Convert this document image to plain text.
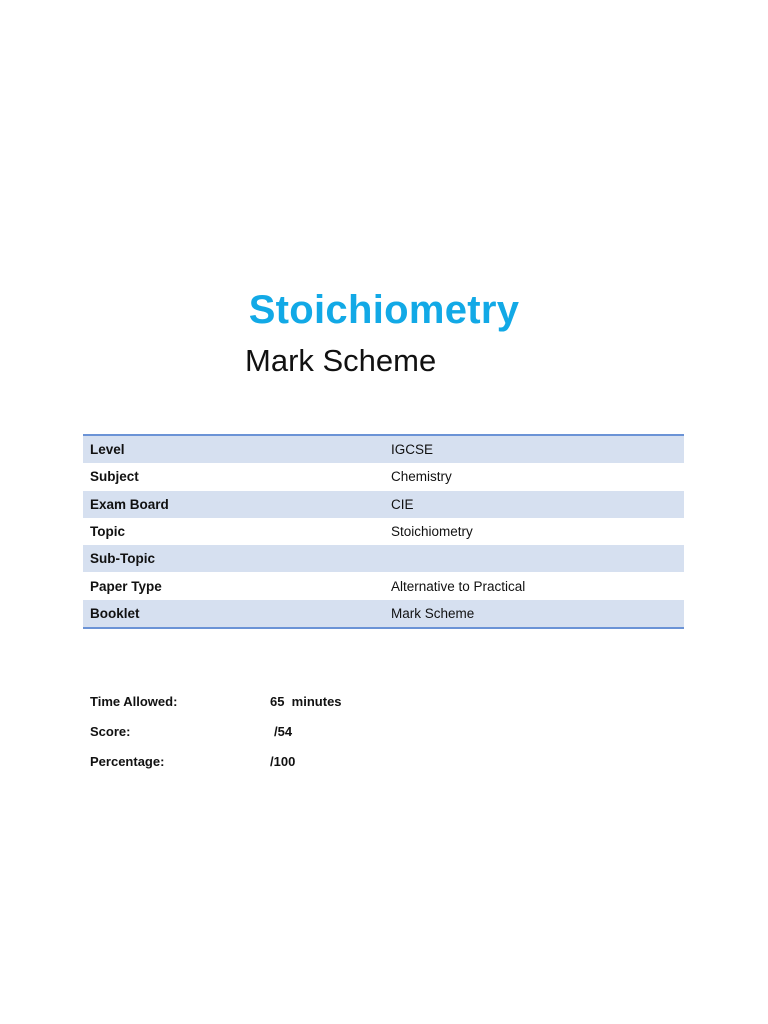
Stoichiometry
Mark Scheme
Level	IGCSE
Subject	Chemistry
Exam Board	CIE
Topic	Stoichiometry
Sub-Topic	
Paper Type	Alternative to Practical
Booklet	Mark Scheme
Time Allowed:	65  minutes
Score:	/54
Percentage:	/100
